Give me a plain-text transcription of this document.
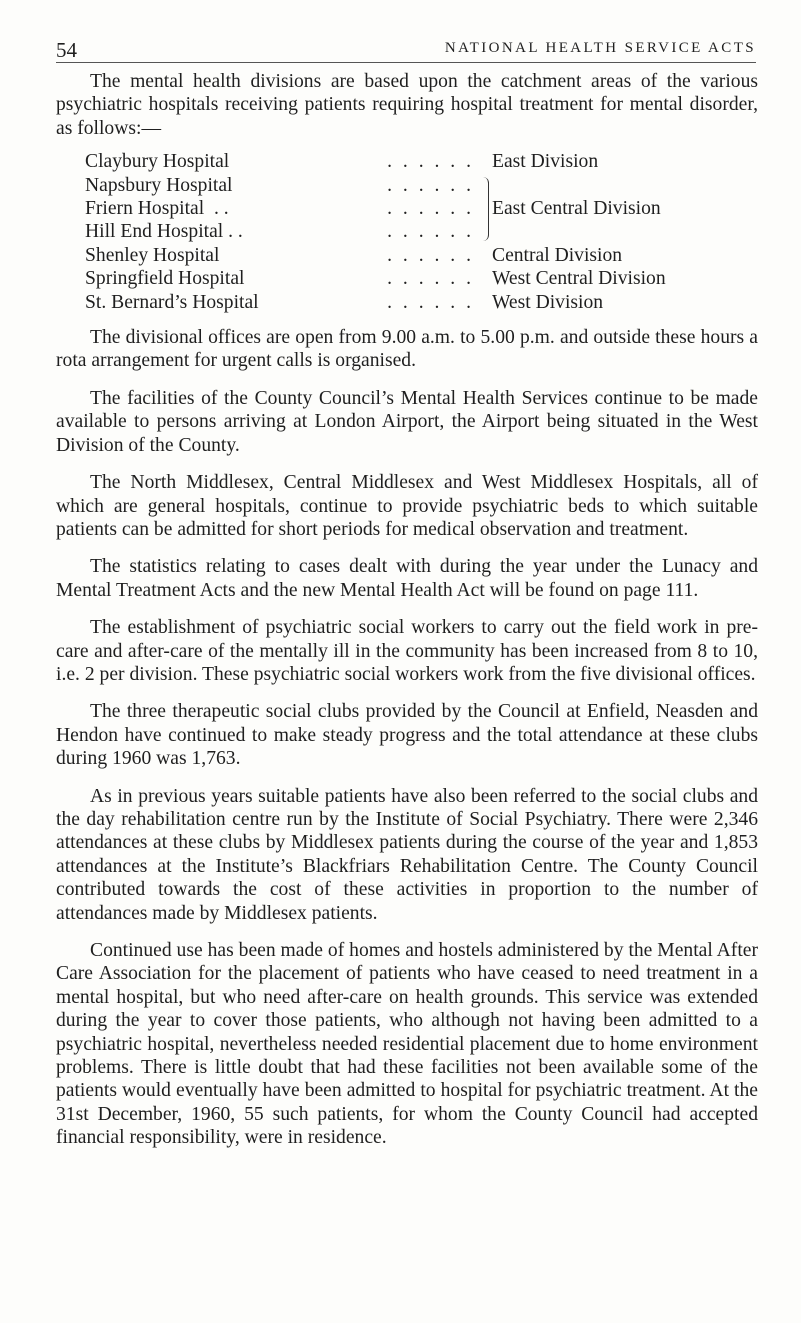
54	NATIONAL HEALTH SERVICE ACTS

The mental health divisions are based upon the catchment areas of the various psychiatric hospitals receiving patients requiring hospital treatment for mental disorder, as follows:—

Claybury Hospital	. . . . . .		East Division
Napsbury Hospital	. . . . . .	

Friern Hospital . .	. . . . . .		East Central Division
Hill End Hospital . .	. . . . . .		
Shenley Hospital	. . . . . .		Central Division
Springfield Hospital	. . . . . .		West Central Division
St. Bernard’s Hospital	. . . . . .		West Division

The divisional offices are open from 9.00 a.m. to 5.00 p.m. and outside these hours a rota arrangement for urgent calls is organised.

The facilities of the County Council’s Mental Health Services continue to be made available to persons arriving at London Airport, the Airport being situated in the West Division of the County.

The North Middlesex, Central Middlesex and West Middlesex Hospitals, all of which are general hospitals, continue to provide psychiatric beds to which suitable patients can be admitted for short periods for medical observation and treatment.

The statistics relating to cases dealt with during the year under the Lunacy and Mental Treatment Acts and the new Mental Health Act will be found on page 111.

The establishment of psychiatric social workers to carry out the field work in pre-care and after-care of the mentally ill in the community has been increased from 8 to 10, i.e. 2 per division. These psychiatric social workers work from the five divisional offices.

The three therapeutic social clubs provided by the Council at Enfield, Neasden and Hendon have continued to make steady progress and the total attendance at these clubs during 1960 was 1,763.

As in previous years suitable patients have also been referred to the social clubs and the day rehabilitation centre run by the Institute of Social Psychiatry. There were 2,346 attendances at these clubs by Middlesex patients during the course of the year and 1,853 attendances at the Institute’s Blackfriars Rehabilitation Centre. The County Council contributed towards the cost of these activities in proportion to the number of attendances made by Middlesex patients.

Continued use has been made of homes and hostels administered by the Mental After Care Association for the placement of patients who have ceased to need treatment in a mental hospital, but who need after-care on health grounds. This service was extended during the year to cover those patients, who although not having been admitted to a psychiatric hospital, nevertheless needed residential placement due to home environment problems. There is little doubt that had these facilities not been available some of the patients would eventually have been admitted to hospital for psychiatric treatment. At the 31st December, 1960, 55 such patients, for whom the County Council had accepted financial responsibility, were in residence.
